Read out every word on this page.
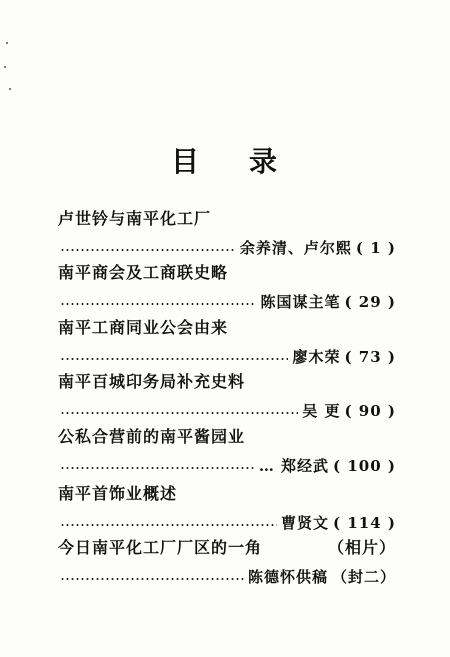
目 录
卢世钤与南平化工厂
余养清、卢尔熙 ( 1 )
南平商会及工商联史略
陈国谋主笔 ( 29 )
南平工商同业公会由来
廖木荣 ( 73 )
南平百城印务局补充史料
吴 更 ( 90 )
公私合营前的南平酱园业
… 郑经武 ( 100 )
南平首饰业概述
曹贤文 ( 114 )
今日南平化工厂厂区的一角	（相片）
陈德怀供稿 （封二）
